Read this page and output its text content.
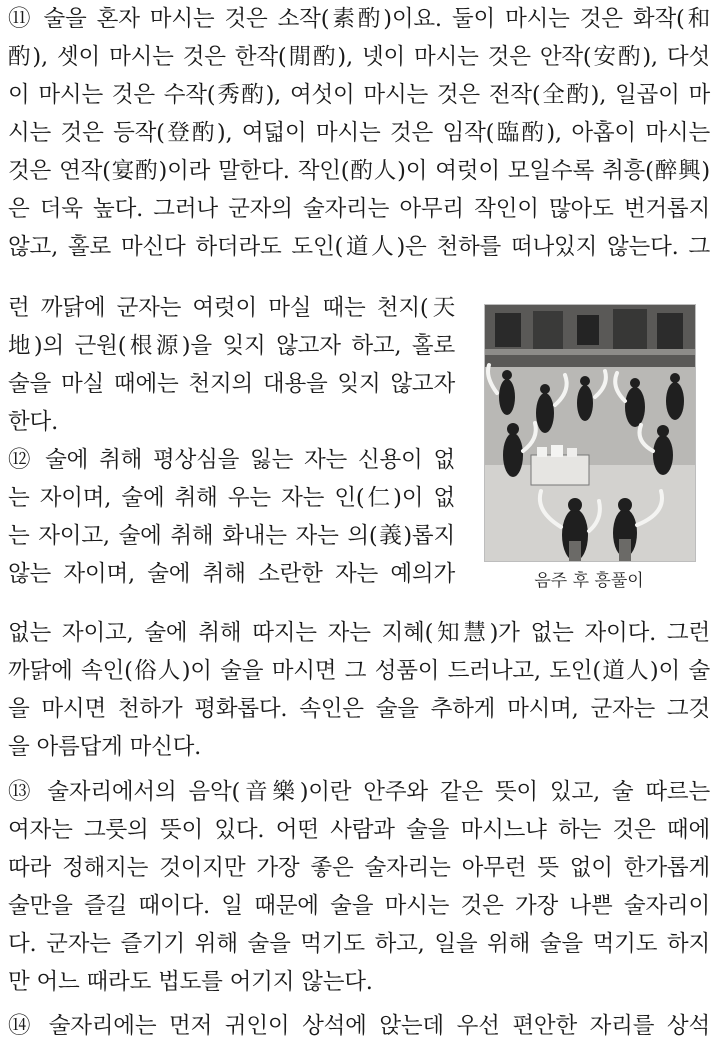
⑪ 술을 혼자 마시는 것은 소작(素酌)이요. 둘이 마시는 것은 화작(和
酌), 셋이 마시는 것은 한작(閒酌), 넷이 마시는 것은 안작(安酌), 다섯
이 마시는 것은 수작(秀酌), 여섯이 마시는 것은 전작(全酌), 일곱이 마
시는 것은 등작(登酌), 여덟이 마시는 것은 임작(臨酌), 아홉이 마시는
것은 연작(宴酌)이라 말한다. 작인(酌人)이 여럿이 모일수록 취흥(醉興)
은 더욱 높다. 그러나 군자의 술자리는 아무리 작인이 많아도 번거롭지
않고, 홀로 마신다 하더라도 도인(道人)은 천하를 떠나있지 않는다. 그
런 까닭에 군자는 여럿이 마실 때는 천지(天
地)의 근원(根源)을 잊지 않고자 하고, 홀로
술을 마실 때에는 천지의 대용을 잊지 않고자
한다.
⑫ 술에 취해 평상심을 잃는 자는 신용이 없
는 자이며, 술에 취해 우는 자는 인(仁)이 없
는 자이고, 술에 취해 화내는 자는 의(義)롭지
않는 자이며, 술에 취해 소란한 자는 예의가
없는 자이고, 술에 취해 따지는 자는 지혜(知慧)가 없는 자이다. 그런
까닭에 속인(俗人)이 술을 마시면 그 성품이 드러나고, 도인(道人)이 술
을 마시면 천하가 평화롭다. 속인은 술을 추하게 마시며, 군자는 그것
을 아름답게 마신다.
⑬ 술자리에서의 음악(音樂)이란 안주와 같은 뜻이 있고, 술 따르는
여자는 그릇의 뜻이 있다. 어떤 사람과 술을 마시느냐 하는 것은 때에
따라 정해지는 것이지만 가장 좋은 술자리는 아무런 뜻 없이 한가롭게
술만을 즐길 때이다. 일 때문에 술을 마시는 것은 가장 나쁜 술자리이
다. 군자는 즐기기 위해 술을 먹기도 하고, 일을 위해 술을 먹기도 하지
만 어느 때라도 법도를 어기지 않는다.
⑭ 술자리에는 먼저 귀인이 상석에 앉는데 우선 편안한 자리를 상석
음주 후 흥풀이
